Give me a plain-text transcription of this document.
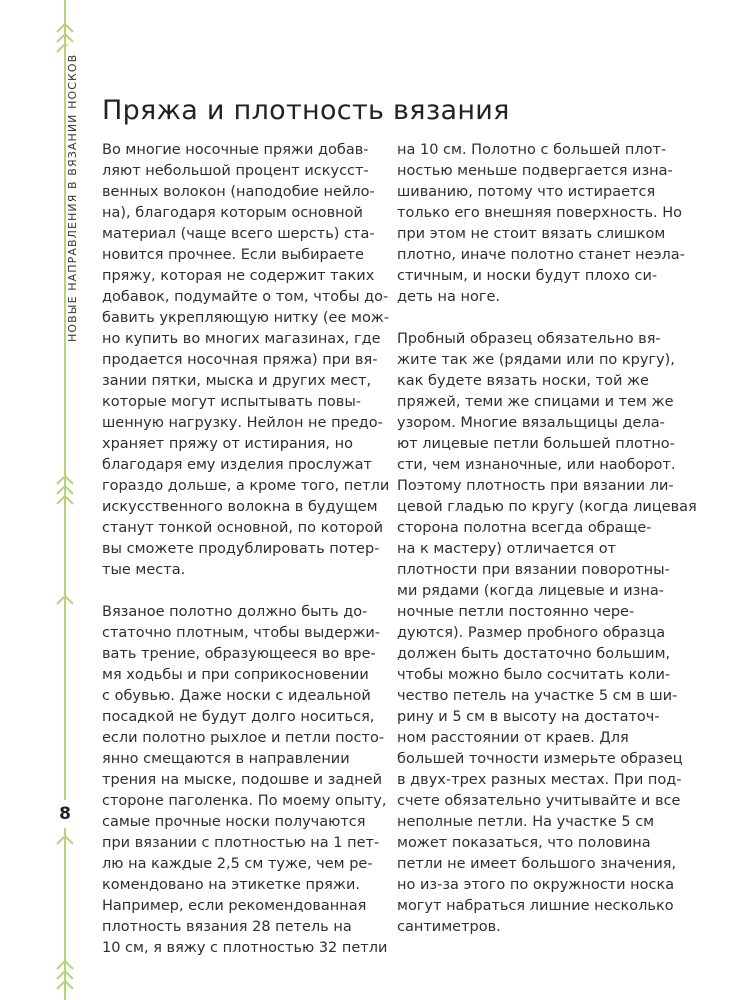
НОВЫЕ НАПРАВЛЕНИЯ В ВЯЗАНИИ НОСКОВ
8
Пряжа и плотность вязания
Во многие носочные пряжи добав-
ляют небольшой процент искусст-
венных волокон (наподобие нейло-
на), благодаря которым основной
материал (чаще всего шерсть) ста-
новится прочнее. Если выбираете
пряжу, которая не содержит таких
добавок, подумайте о том, чтобы до-
бавить укрепляющую нитку (ее мож-
но купить во многих магазинах, где
продается носочная пряжа) при вя-
зании пятки, мыска и других мест,
которые могут испытывать повы-
шенную нагрузку. Нейлон не предо-
храняет пряжу от истирания, но
благодаря ему изделия прослужат
гораздо дольше, а кроме того, петли
искусственного волокна в будущем
станут тонкой основной, по которой
вы сможете продублировать потер-
тые места.
Вязаное полотно должно быть до-
статочно плотным, чтобы выдержи-
вать трение, образующееся во вре-
мя ходьбы и при соприкосновении
с обувью. Даже носки с идеальной
посадкой не будут долго носиться,
если полотно рыхлое и петли посто-
янно смещаются в направлении
трения на мыске, подошве и задней
стороне паголенка. По моему опыту,
самые прочные носки получаются
при вязании с плотностью на 1 пет-
лю на каждые 2,5 см туже, чем ре-
комендовано на этикетке пряжи.
Например, если рекомендованная
плотность вязания 28 петель на
10 см, я вяжу с плотностью 32 петли
на 10 см. Полотно с большей плот-
ностью меньше подвергается изна-
шиванию, потому что истирается
только его внешняя поверхность. Но
при этом не стоит вязать слишком
плотно, иначе полотно станет неэла-
стичным, и носки будут плохо си-
деть на ноге.
Пробный образец обязательно вя-
жите так же (рядами или по кругу),
как будете вязать носки, той же
пряжей, теми же спицами и тем же
узором. Многие вязальщицы дела-
ют лицевые петли большей плотно-
сти, чем изнаночные, или наоборот.
Поэтому плотность при вязании ли-
цевой гладью по кругу (когда лицевая
сторона полотна всегда обраще-
на к мастеру) отличается от
плотности при вязании поворотны-
ми рядами (когда лицевые и изна-
ночные петли постоянно чере-
дуются). Размер пробного образца
должен быть достаточно большим,
чтобы можно было сосчитать коли-
чество петель на участке 5 см в ши-
рину и 5 см в высоту на достаточ-
ном расстоянии от краев. Для
большей точности измерьте образец
в двух-трех разных местах. При под-
счете обязательно учитывайте и все
неполные петли. На участке 5 см
может показаться, что половина
петли не имеет большого значения,
но из-за этого по окружности носка
могут набраться лишние несколько
сантиметров.
